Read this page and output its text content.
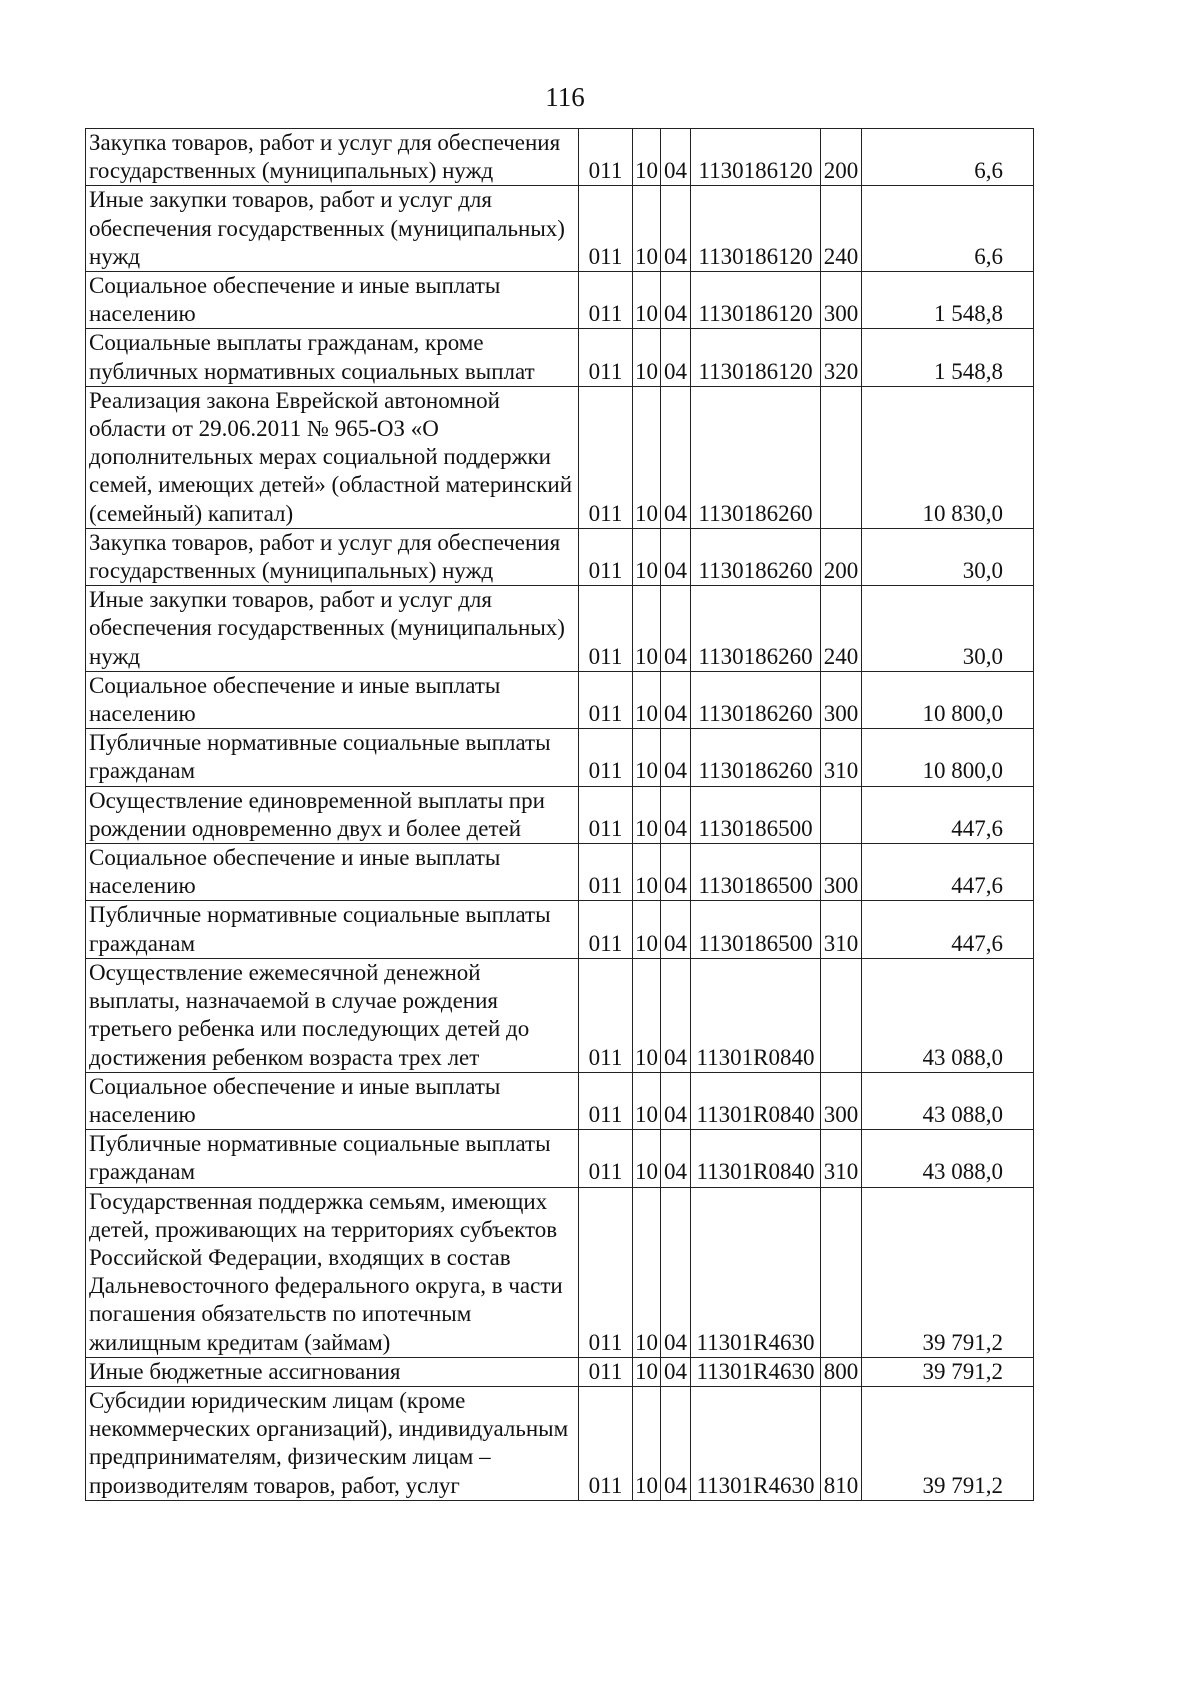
116
Закупка товаров, работ и услуг для обеспечения государственных (муниципальных) нужд	011	10	04	1130186120	200	6,6
Иные закупки товаров, работ и услуг для обеспечения государственных (муниципальных) нужд	011	10	04	1130186120	240	6,6
Социальное обеспечение и иные выплаты населению	011	10	04	1130186120	300	1 548,8
Социальные выплаты гражданам, кроме публичных нормативных социальных выплат	011	10	04	1130186120	320	1 548,8
Реализация закона Еврейской автономной области от 29.06.2011 № 965-ОЗ «О дополнительных мерах социальной поддержки семей, имеющих детей» (областной материнский (семейный) капитал)	011	10	04	1130186260		10 830,0
Закупка товаров, работ и услуг для обеспечения государственных (муниципальных) нужд	011	10	04	1130186260	200	30,0
Иные закупки товаров, работ и услуг для обеспечения государственных (муниципальных) нужд	011	10	04	1130186260	240	30,0
Социальное обеспечение и иные выплаты населению	011	10	04	1130186260	300	10 800,0
Публичные нормативные социальные выплаты гражданам	011	10	04	1130186260	310	10 800,0
Осуществление единовременной выплаты при рождении одновременно двух и более детей	011	10	04	1130186500		447,6
Социальное обеспечение и иные выплаты населению	011	10	04	1130186500	300	447,6
Публичные нормативные социальные выплаты гражданам	011	10	04	1130186500	310	447,6
Осуществление ежемесячной денежной выплаты, назначаемой в случае рождения третьего ребенка или последующих детей до достижения ребенком возраста трех лет	011	10	04	11301R0840		43 088,0
Социальное обеспечение и иные выплаты населению	011	10	04	11301R0840	300	43 088,0
Публичные нормативные социальные выплаты гражданам	011	10	04	11301R0840	310	43 088,0
Государственная поддержка семьям, имеющих детей, проживающих на территориях субъектов Российской Федерации, входящих в состав Дальневосточного федерального округа, в части погашения обязательств по ипотечным жилищным кредитам (займам)	011	10	04	11301R4630		39 791,2
Иные бюджетные ассигнования	011	10	04	11301R4630	800	39 791,2
Субсидии юридическим лицам (кроме некоммерческих организаций), индивидуальным предпринимателям, физическим лицам – производителям товаров, работ, услуг	011	10	04	11301R4630	810	39 791,2
